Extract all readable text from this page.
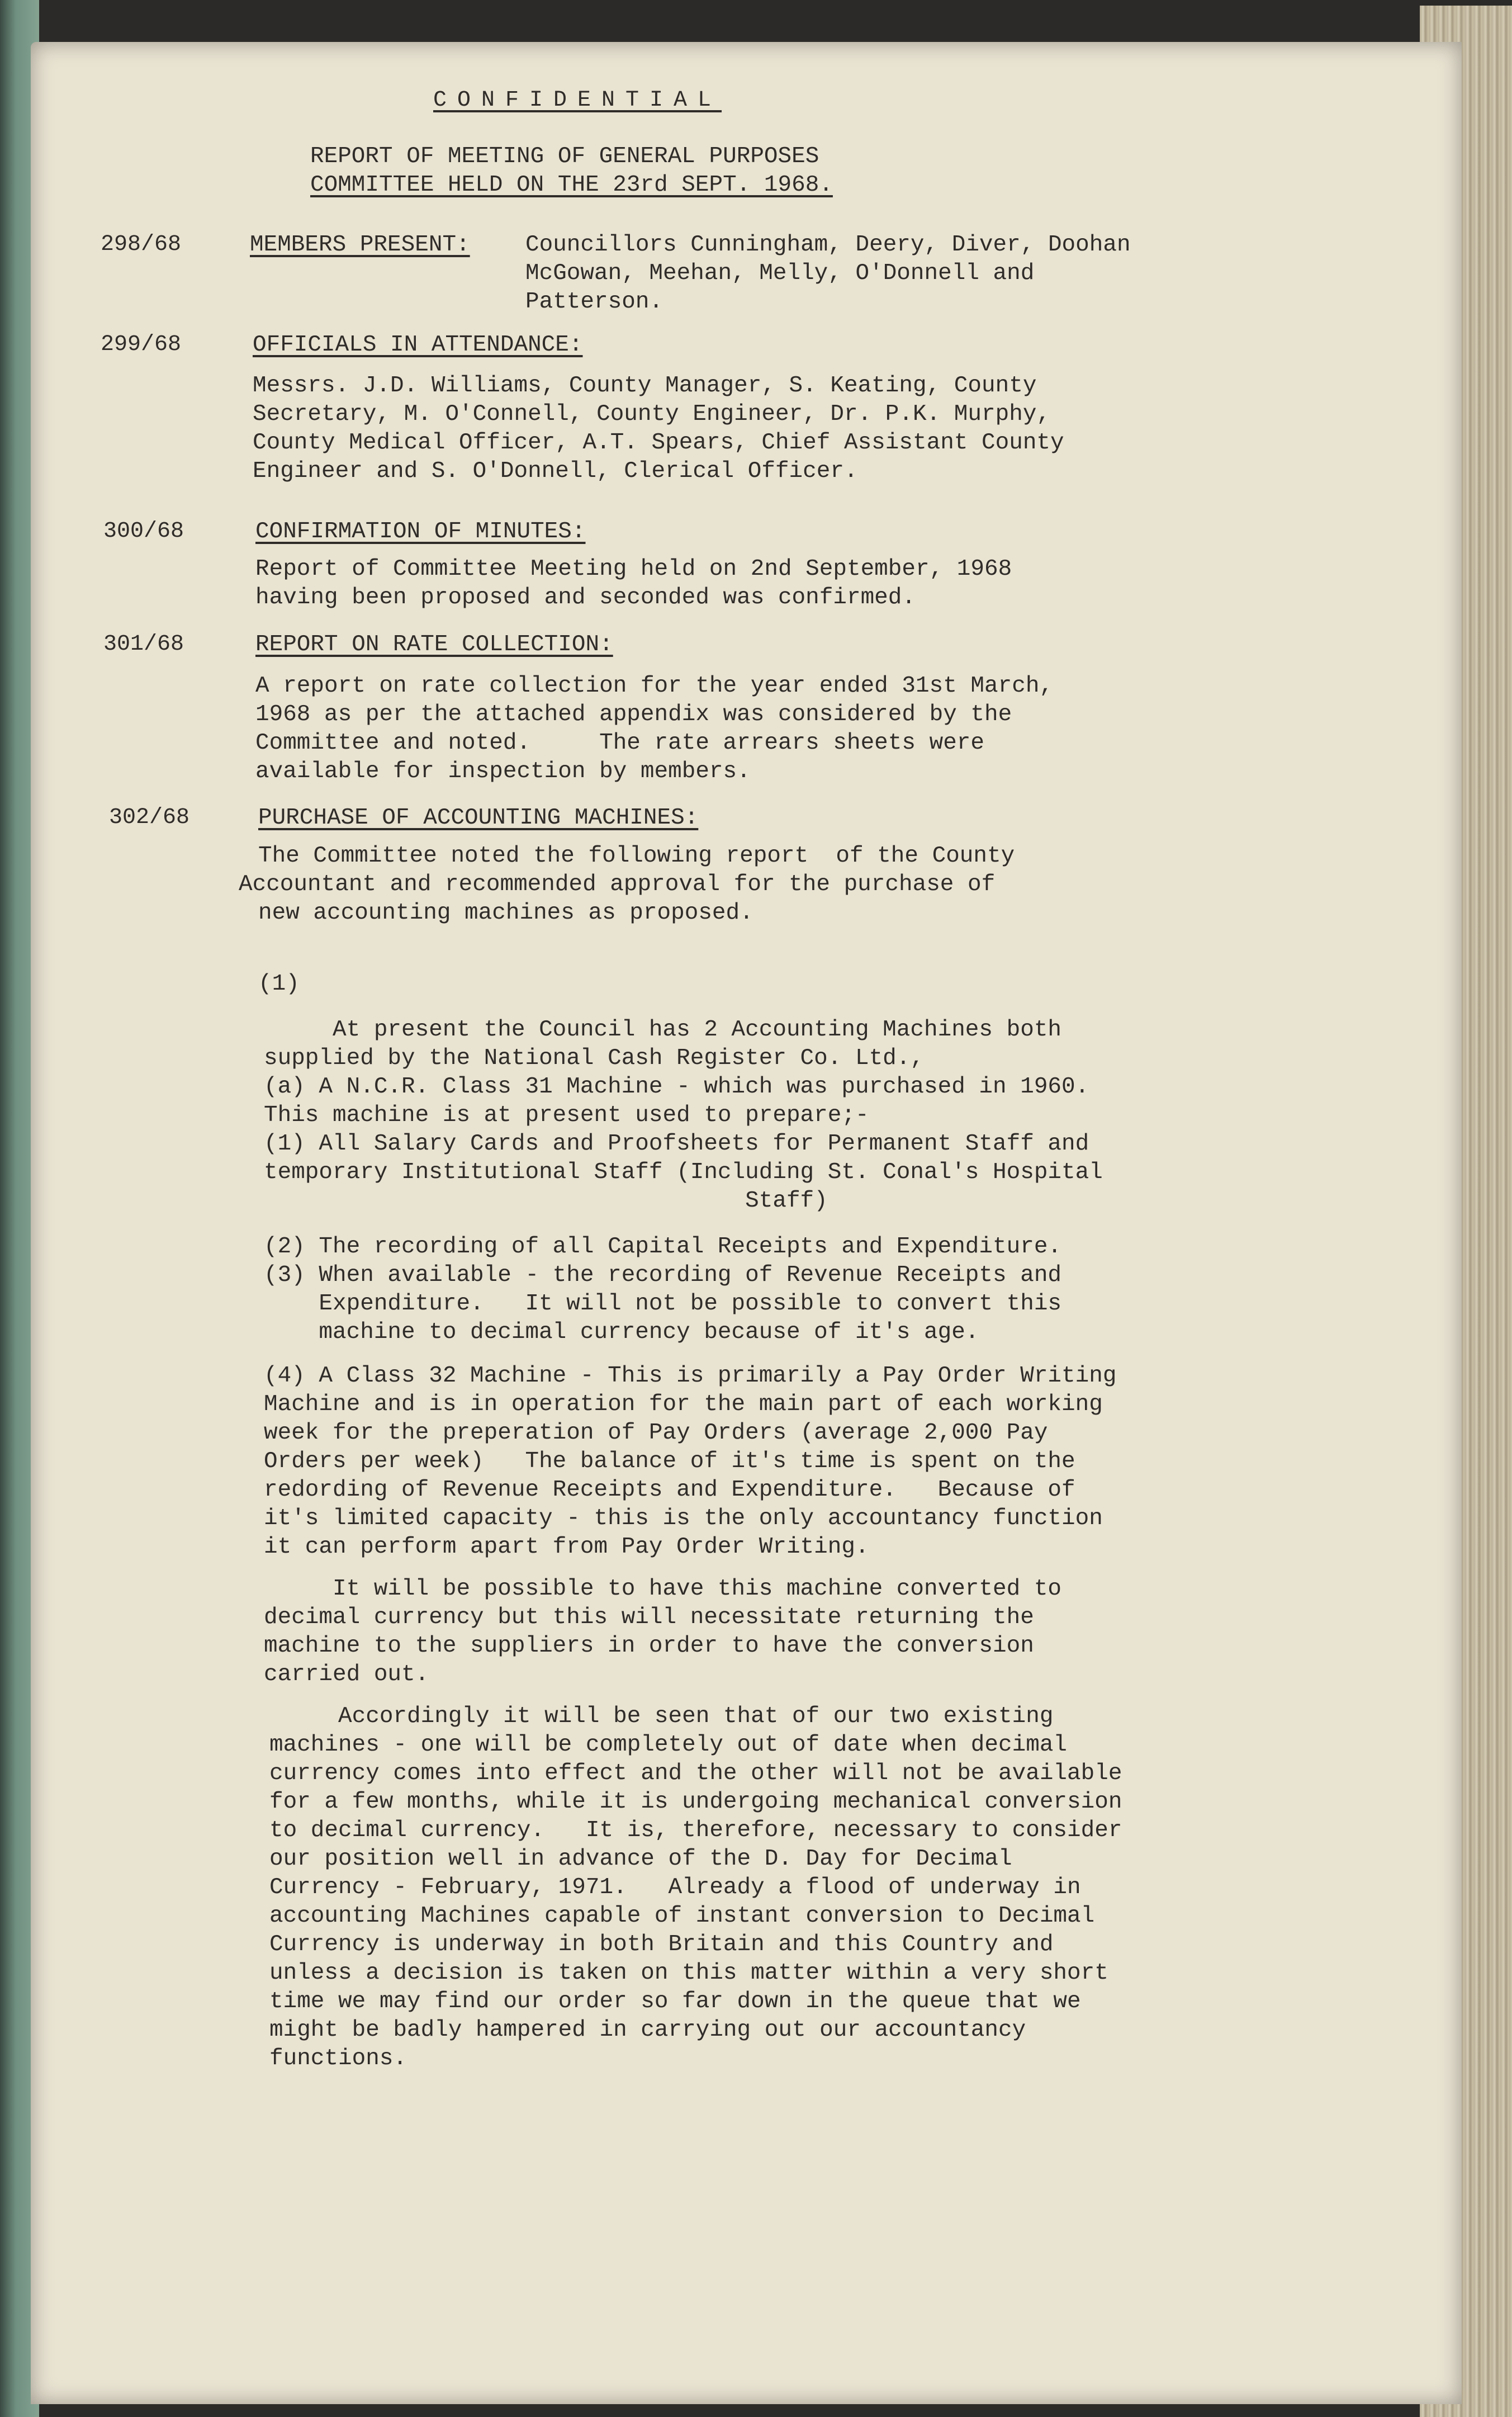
CONFIDENTIAL
REPORT OF MEETING OF GENERAL PURPOSES
COMMITTEE HELD ON THE 23rd SEPT. 1968.
298/68	MEMBERS PRESENT: Councillors Cunningham, Deery, Diver, Doohan
McGowan, Meehan, Melly, O'Donnell and
Patterson.
299/68	OFFICIALS IN ATTENDANCE:
Messrs. J.D. Williams, County Manager, S. Keating, County
Secretary, M. O'Connell, County Engineer, Dr. P.K. Murphy,
County Medical Officer, A.T. Spears, Chief Assistant County
Engineer and S. O'Donnell, Clerical Officer.
300/68	CONFIRMATION OF MINUTES:
Report of Committee Meeting held on 2nd September, 1968
having been proposed and seconded was confirmed.
301/68	REPORT ON RATE COLLECTION:
A report on rate collection for the year ended 31st March,
1968 as per the attached appendix was considered by the
Committee and noted.     The rate arrears sheets were
available for inspection by members.
302/68	PURCHASE OF ACCOUNTING MACHINES:
The Committee noted the following report  of the County
Accountant and recommended approval for the purchase of
new accounting machines as proposed.
(1)
At present the Council has 2 Accounting Machines both
supplied by the National Cash Register Co. Ltd.,
(a) A N.C.R. Class 31 Machine - which was purchased in 1960.
This machine is at present used to prepare;-
(1) All Salary Cards and Proofsheets for Permanent Staff and
temporary Institutional Staff (Including St. Conal's Hospital
Staff)
(2) The recording of all Capital Receipts and Expenditure.
(3) When available - the recording of Revenue Receipts and
Expenditure.   It will not be possible to convert this
machine to decimal currency because of it's age.
(4) A Class 32 Machine - This is primarily a Pay Order Writing
Machine and is in operation for the main part of each working
week for the preperation of Pay Orders (average 2,000 Pay
Orders per week)   The balance of it's time is spent on the
redording of Revenue Receipts and Expenditure.   Because of
it's limited capacity - this is the only accountancy function
it can perform apart from Pay Order Writing.
It will be possible to have this machine converted to
decimal currency but this will necessitate returning the
machine to the suppliers in order to have the conversion
carried out.
Accordingly it will be seen that of our two existing
machines - one will be completely out of date when decimal
currency comes into effect and the other will not be available
for a few months, while it is undergoing mechanical conversion
to decimal currency.   It is, therefore, necessary to consider
our position well in advance of the D. Day for Decimal
Currency - February, 1971.   Already a flood of underway in
accounting Machines capable of instant conversion to Decimal
Currency is underway in both Britain and this Country and
unless a decision is taken on this matter within a very short
time we may find our order so far down in the queue that we
might be badly hampered in carrying out our accountancy
functions.
